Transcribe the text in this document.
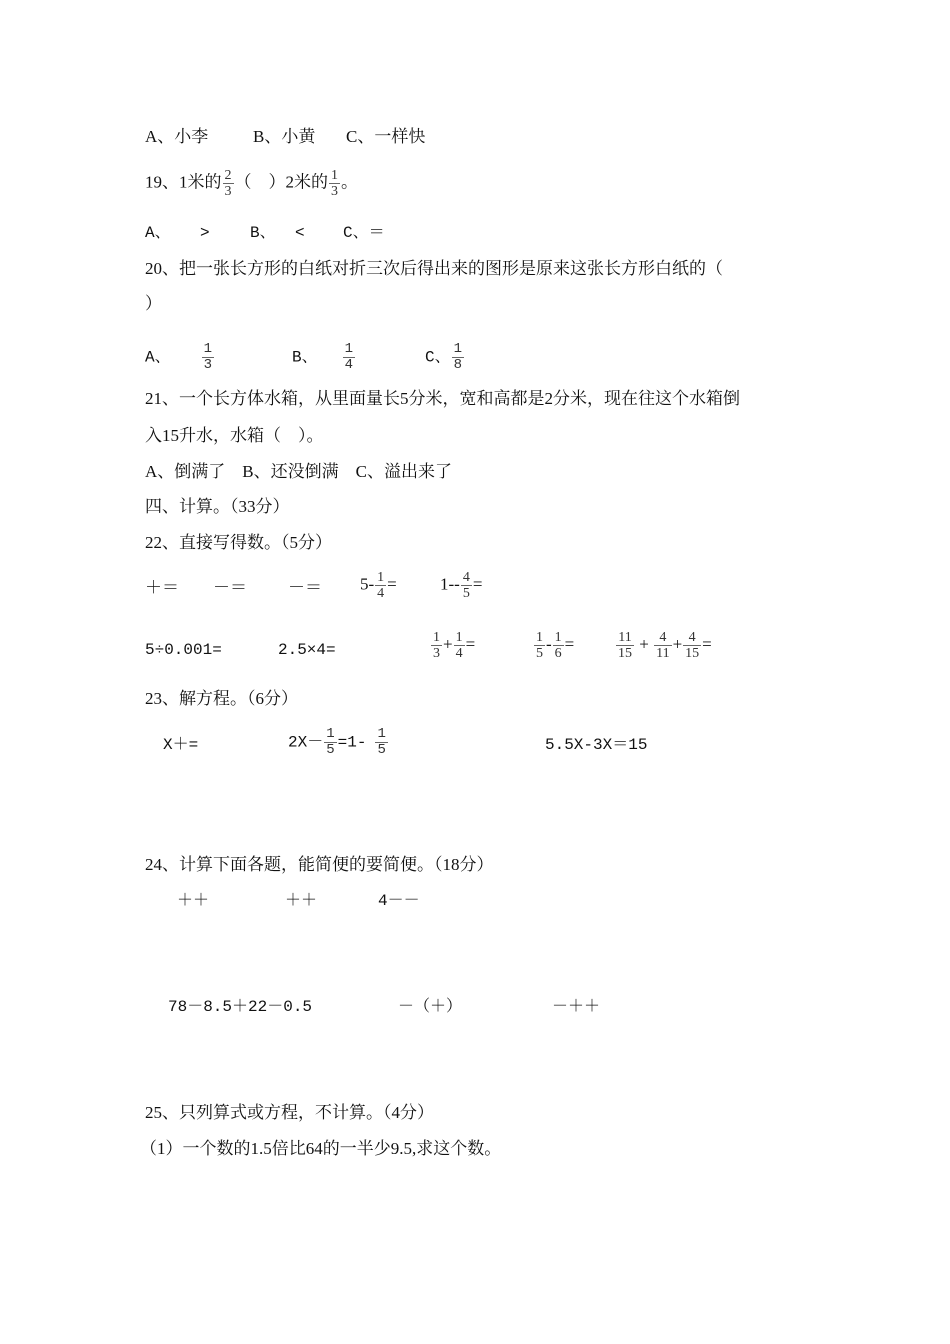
A、小李	B、小黄 C、一样快
19、1米的 $\frac{2}{3}$ （　）2米的 $\frac{1}{3}$ 。
A、 >	B、 < C、＝
20、把一张长方形的白纸对折三次后得出来的图形是原来这张长方形白纸的（
）
A、 $\frac{1}{3}$	B、 $\frac{1}{4}$	C、 $\frac{1}{8}$
21、一个长方体水箱，从里面量长5分米，宽和高都是2分米，现在往这个水箱倒
入15升水，水箱（　）。
A、倒满了　B、还没倒满　C、溢出来了
四、计算。（33分）
22、直接写得数。（5分）
＋＝ －＝ －＝ $5- \frac{1}{4}$ =	$1-- \frac{4}{5}$ =
5÷0.001=	2.5×4=	$\frac{1}{3} + \frac{1}{4}$ =	$\frac{1}{5} - \frac{1}{6}$ =	$\frac{11}{15} + \frac{4}{11} + \frac{4}{15}$ =
23、解方程。（6分）
X＋=	$2X- \frac{1}{5} =1- \frac{1}{5}$	5.5X-3X＝15
24、计算下面各题，能简便的要简便。（18分）
＋＋	＋＋	4－－
78－8.5＋22－0.5	－（＋）	－＋＋
25、只列算式或方程，不计算。（4分）
（1）一个数的1.5倍比64的一半少9.5,求这个数。
